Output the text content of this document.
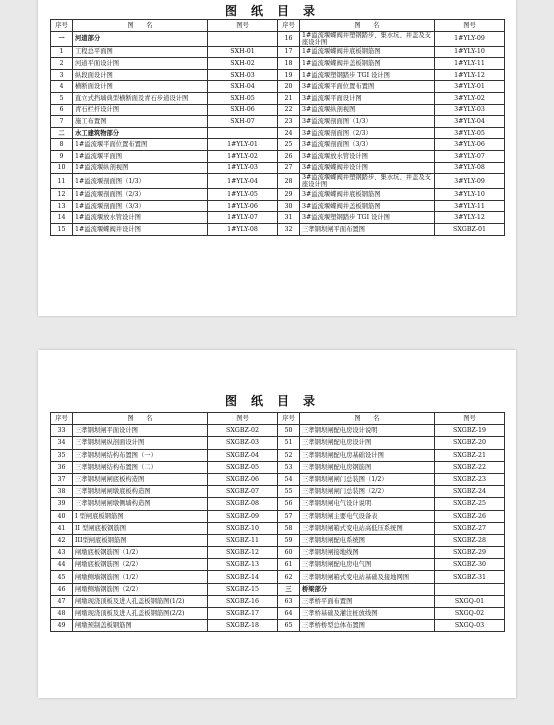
图纸目录
序号	图　　名	图号	序号	图　　名	图号
一	河道部分		16	1#溢流堰蝶阀井塑钢踏步、集水坑、井盖及支座设计图	1#YLY-09
1	工程总平面图	SXH-01	17	1#溢流堰蝶阀井底板钢筋图	1#YLY-10
2	河道平面设计图	SXH-02	18	1#溢流堰蝶阀井盖板钢筋图	1#YLY-11
3	纵段面设计图	SXH-03	19	1#溢流堰塑钢踏步 TGI 设计图	1#YLY-12
4	横断面设计图	SXH-04	20	3#溢流堰平面位置布置图	3#YLY-01
5	直立式挡墙典型横断面及青石步道设计图	SXH-05	21	3#溢流堰平面设计图	3#YLY-02
6	青石栏杆设计图	SXH-06	22	3#溢流堰纵剖视图	3#YLY-03
7	施工布置图	SXH-07	23	3#溢流堰剖面图（1/3）	3#YLY-04
二	水工建筑物部分		24	3#溢流堰剖面图（2/3）	3#YLY-05
8	1#溢流堰平面位置布置图	1#YLY-01	25	3#溢流堰剖面图（3/3）	3#YLY-06
9	1#溢流堰平面图	1#YLY-02	26	3#溢流堰放水管设计图	3#YLY-07
10	1#溢流堰纵剖视图	1#YLY-03	27	3#溢流堰蝶阀井设计图	3#YLY-08
11	1#溢流堰剖面图（1/3）	1#YLY-04	28	3#溢流堰蝶阀井塑钢踏步、集水坑、井盖及支座设计图	3#YLY-09
12	1#溢流堰剖面图（2/3）	1#YLY-05	29	3#溢流堰蝶阀井底板钢筋图	3#YLY-10
13	1#溢流堰剖面图（3/3）	1#YLY-06	30	3#溢流堰蝶阀井盖板钢筋图	3#YLY-11
14	1#溢流堰放水管设计图	1#YLY-07	31	3#溢流堰塑钢踏步 TGI 设计图	3#YLY-12
15	1#溢流堰蝶阀井设计图	1#YLY-08	32	三孝钢坝闸平面布置图	SXGBZ-01
图纸目录
序号	图　　名	图号	序号	图　　名	图号
33	三孝钢坝闸平面设计图	SXGBZ-02	50	三孝钢坝闸配电房设计说明	SXGBZ-19
34	三孝钢坝闸纵剖面设计图	SXGBZ-03	51	三孝钢坝闸配电房设计图	SXGBZ-20
35	三孝钢坝闸结构布置图（一）	SXGBZ-04	52	三孝钢坝闸配电房基础设计图	SXGBZ-21
36	三孝钢坝闸结构布置图（二）	SXGBZ-05	53	三孝钢坝闸配电房钢筋图	SXGBZ-22
37	三孝钢坝闸闸底板构造图	SXGBZ-06	54	三孝钢坝闸闸门总装图（1/2）	SXGBZ-23
38	三孝钢坝闸闸墩底板构造图	SXGBZ-07	55	三孝钢坝闸闸门总装图（2/2）	SXGBZ-24
39	三孝钢坝闸闸墩侧墙构造图	SXGBZ-08	56	三孝钢坝闸电气设计说明	SXGBZ-25
40	I 型闸底板钢筋图	SXGBZ-09	57	三孝钢坝闸主要电气设备表	SXGBZ-26
41	II 型闸底板钢筋图	SXGBZ-10	58	三孝钢坝闸箱式变电站高低压系统图	SXGBZ-27
42	III型闸底板钢筋图	SXGBZ-11	59	三孝钢坝闸配电系统图	SXGBZ-28
43	闸墩底板钢筋图（1/2）	SXGBZ-12	60	三孝钢坝闸接地线图	SXGBZ-29
44	闸墩底板钢筋图（2/2）	SXGBZ-13	61	三孝钢坝闸配电房电气图	SXGBZ-30
45	闸墩侧墙钢筋图（1/2）	SXGBZ-14	62	三孝钢坝闸箱式变电站基础及接地网图	SXGBZ-31
46	闸墩侧墙钢筋图（2/2）	SXGBZ-15	三	桥梁部分	
47	闸墩现浇顶板及进人孔盖板钢筋图(1/2)	SXGBZ-16	63	三孝桥平面布置图	SXGQ-01
48	闸墩现浇顶板及进人孔盖板钢筋图(2/2)	SXGBZ-17	64	三孝桥基础及灌注桩放线图	SXGQ-02
49	闸墩预制盖板钢筋图	SXGBZ-18	65	三孝桥桥型总体布置图	SXGQ-03
